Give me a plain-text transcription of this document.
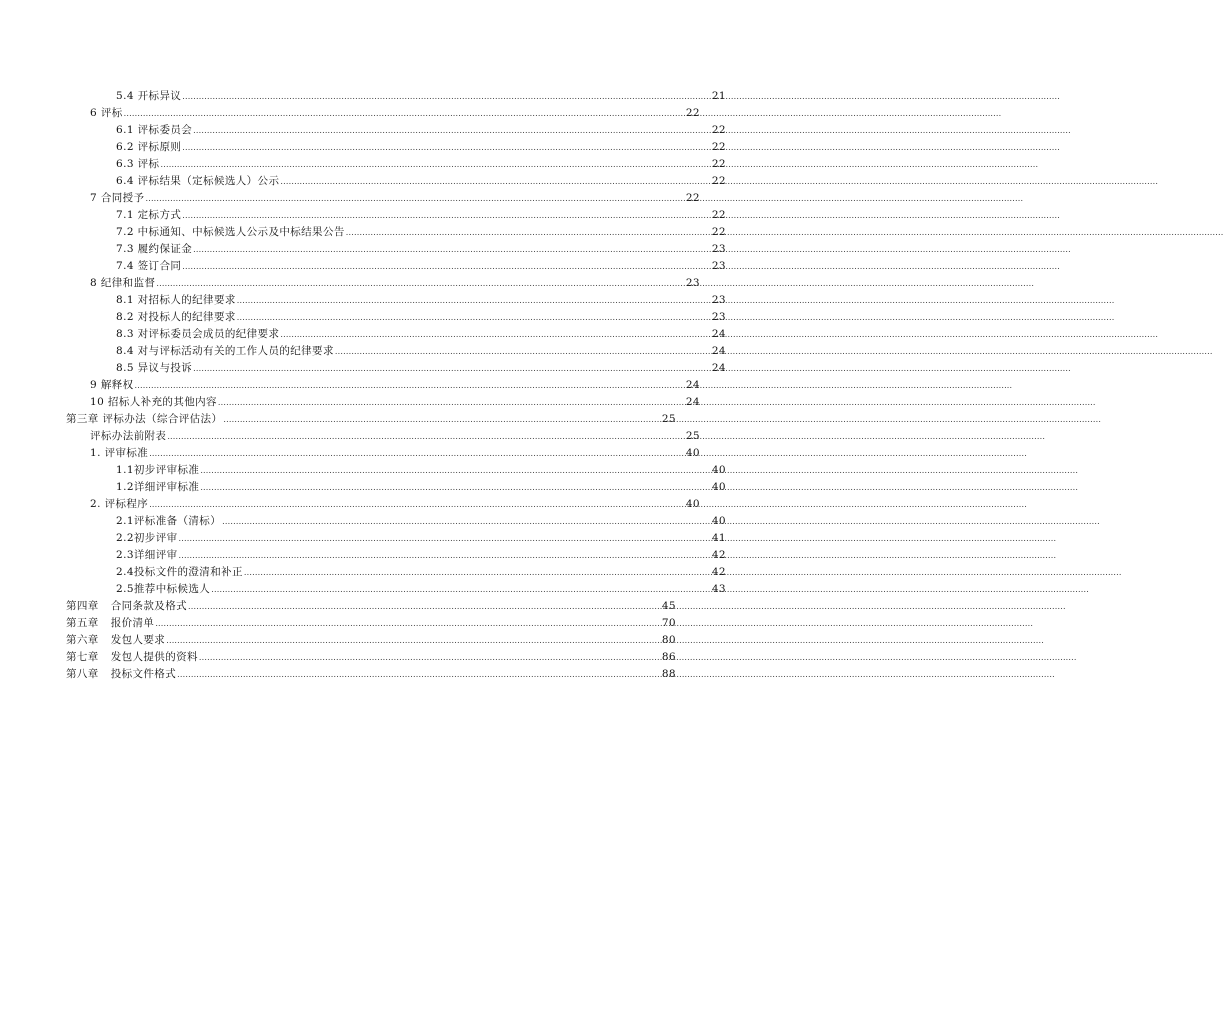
5.4 开标异议 .....	21
6 评标 .....	22
6.1 评标委员会 .....	22
6.2 评标原则 .....	22
6.3 评标 .....	22
6.4 评标结果（定标候选人）公示 .....	22
7 合同授予 .....	22
7.1 定标方式 .....	22
7.2 中标通知、中标候选人公示及中标结果公告 .....	22
7.3 履约保证金 .....	23
7.4 签订合同 .....	23
8 纪律和监督 .....	23
8.1 对招标人的纪律要求 .....	23
8.2 对投标人的纪律要求 .....	23
8.3 对评标委员会成员的纪律要求 .....	24
8.4 对与评标活动有关的工作人员的纪律要求 .....	24
8.5 异议与投诉 .....	24
9 解释权 .....	24
10 招标人补充的其他内容 .....	24
第三章 评标办法（综合评估法） .....	25
评标办法前附表 .....	25
1. 评审标准 .....	40
1.1初步评审标准 .....	40
1.2详细评审标准 .....	40
2. 评标程序 .....	40
2.1评标准备（清标） .....	40
2.2初步评审 .....	41
2.3详细评审 .....	42
2.4投标文件的澄清和补正 .....	42
2.5推荐中标候选人 .....	43
第四章 合同条款及格式 .....	45
第五章 报价清单 .....	70
第六章 发包人要求 .....	80
第七章 发包人提供的资料 .....	86
第八章 投标文件格式 .....	88
